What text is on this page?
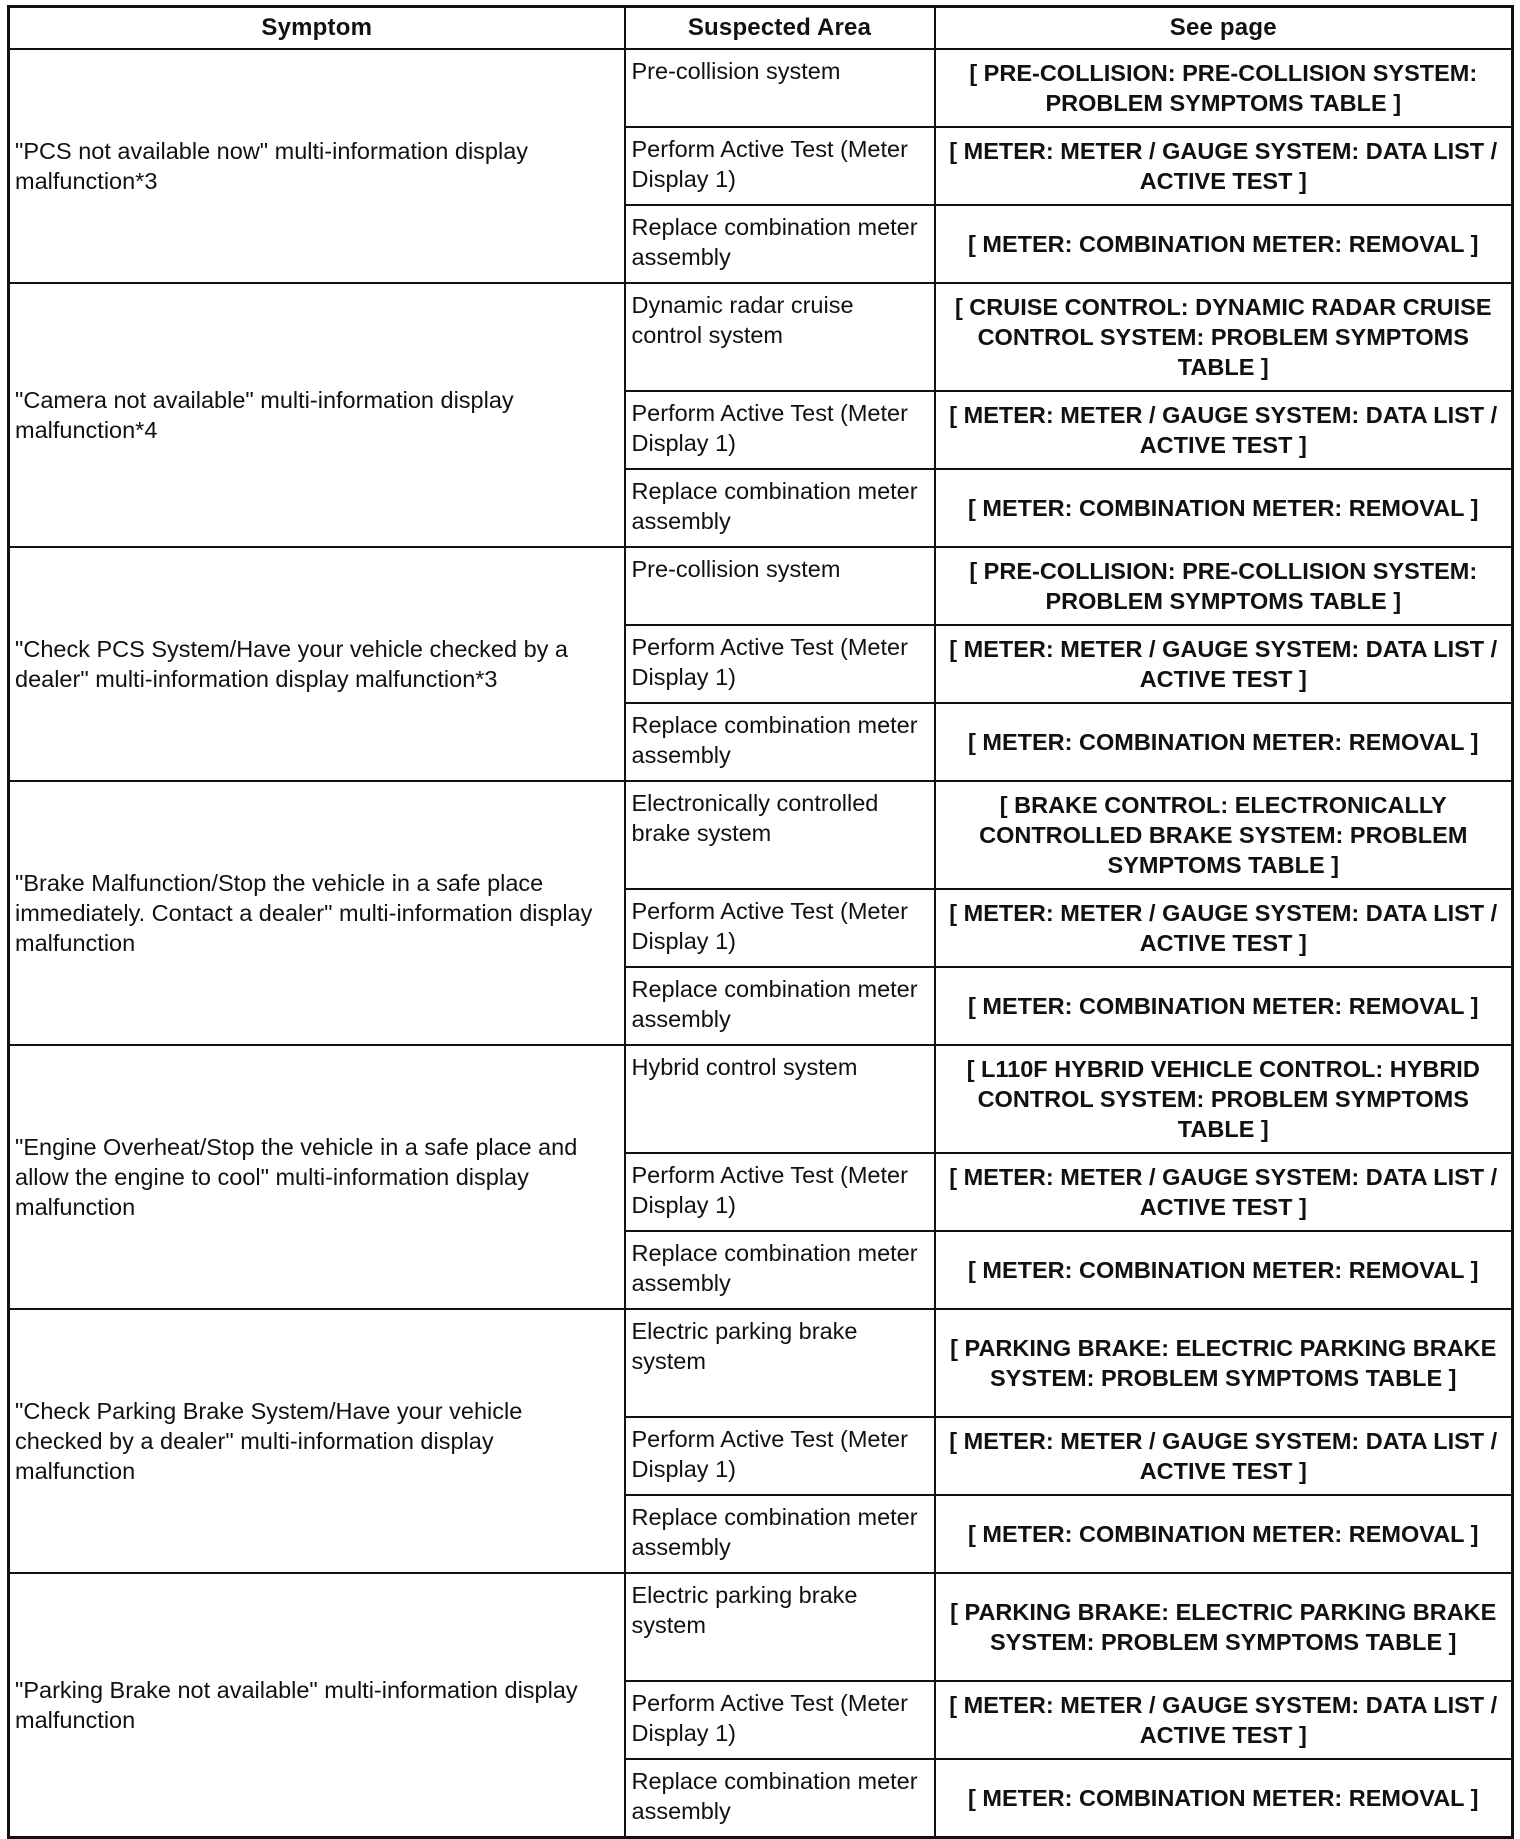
Symptom	Suspected Area	See page
"PCS not available now" multi-information display malfunction*3	Pre-collision system	[ PRE-COLLISION: PRE-COLLISION SYSTEM: PROBLEM SYMPTOMS TABLE ]
	Perform Active Test (Meter Display 1)	[ METER: METER / GAUGE SYSTEM: DATA LIST / ACTIVE TEST ]
	Replace combination meter assembly	[ METER: COMBINATION METER: REMOVAL ]
"Camera not available" multi-information display malfunction*4	Dynamic radar cruise control system	[ CRUISE CONTROL: DYNAMIC RADAR CRUISE CONTROL SYSTEM: PROBLEM SYMPTOMS TABLE ]
	Perform Active Test (Meter Display 1)	[ METER: METER / GAUGE SYSTEM: DATA LIST / ACTIVE TEST ]
	Replace combination meter assembly	[ METER: COMBINATION METER: REMOVAL ]
"Check PCS System/Have your vehicle checked by a dealer" multi-information display malfunction*3	Pre-collision system	[ PRE-COLLISION: PRE-COLLISION SYSTEM: PROBLEM SYMPTOMS TABLE ]
	Perform Active Test (Meter Display 1)	[ METER: METER / GAUGE SYSTEM: DATA LIST / ACTIVE TEST ]
	Replace combination meter assembly	[ METER: COMBINATION METER: REMOVAL ]
"Brake Malfunction/Stop the vehicle in a safe place immediately. Contact a dealer" multi-information display malfunction	Electronically controlled brake system	[ BRAKE CONTROL: ELECTRONICALLY CONTROLLED BRAKE SYSTEM: PROBLEM SYMPTOMS TABLE ]
	Perform Active Test (Meter Display 1)	[ METER: METER / GAUGE SYSTEM: DATA LIST / ACTIVE TEST ]
	Replace combination meter assembly	[ METER: COMBINATION METER: REMOVAL ]
"Engine Overheat/Stop the vehicle in a safe place and allow the engine to cool" multi-information display malfunction	Hybrid control system	[ L110F HYBRID VEHICLE CONTROL: HYBRID CONTROL SYSTEM: PROBLEM SYMPTOMS TABLE ]
	Perform Active Test (Meter Display 1)	[ METER: METER / GAUGE SYSTEM: DATA LIST / ACTIVE TEST ]
	Replace combination meter assembly	[ METER: COMBINATION METER: REMOVAL ]
"Check Parking Brake System/Have your vehicle checked by a dealer" multi-information display malfunction	Electric parking brake system	[ PARKING BRAKE: ELECTRIC PARKING BRAKE SYSTEM: PROBLEM SYMPTOMS TABLE ]
	Perform Active Test (Meter Display 1)	[ METER: METER / GAUGE SYSTEM: DATA LIST / ACTIVE TEST ]
	Replace combination meter assembly	[ METER: COMBINATION METER: REMOVAL ]
"Parking Brake not available" multi-information display malfunction	Electric parking brake system	[ PARKING BRAKE: ELECTRIC PARKING BRAKE SYSTEM: PROBLEM SYMPTOMS TABLE ]
	Perform Active Test (Meter Display 1)	[ METER: METER / GAUGE SYSTEM: DATA LIST / ACTIVE TEST ]
	Replace combination meter assembly	[ METER: COMBINATION METER: REMOVAL ]
